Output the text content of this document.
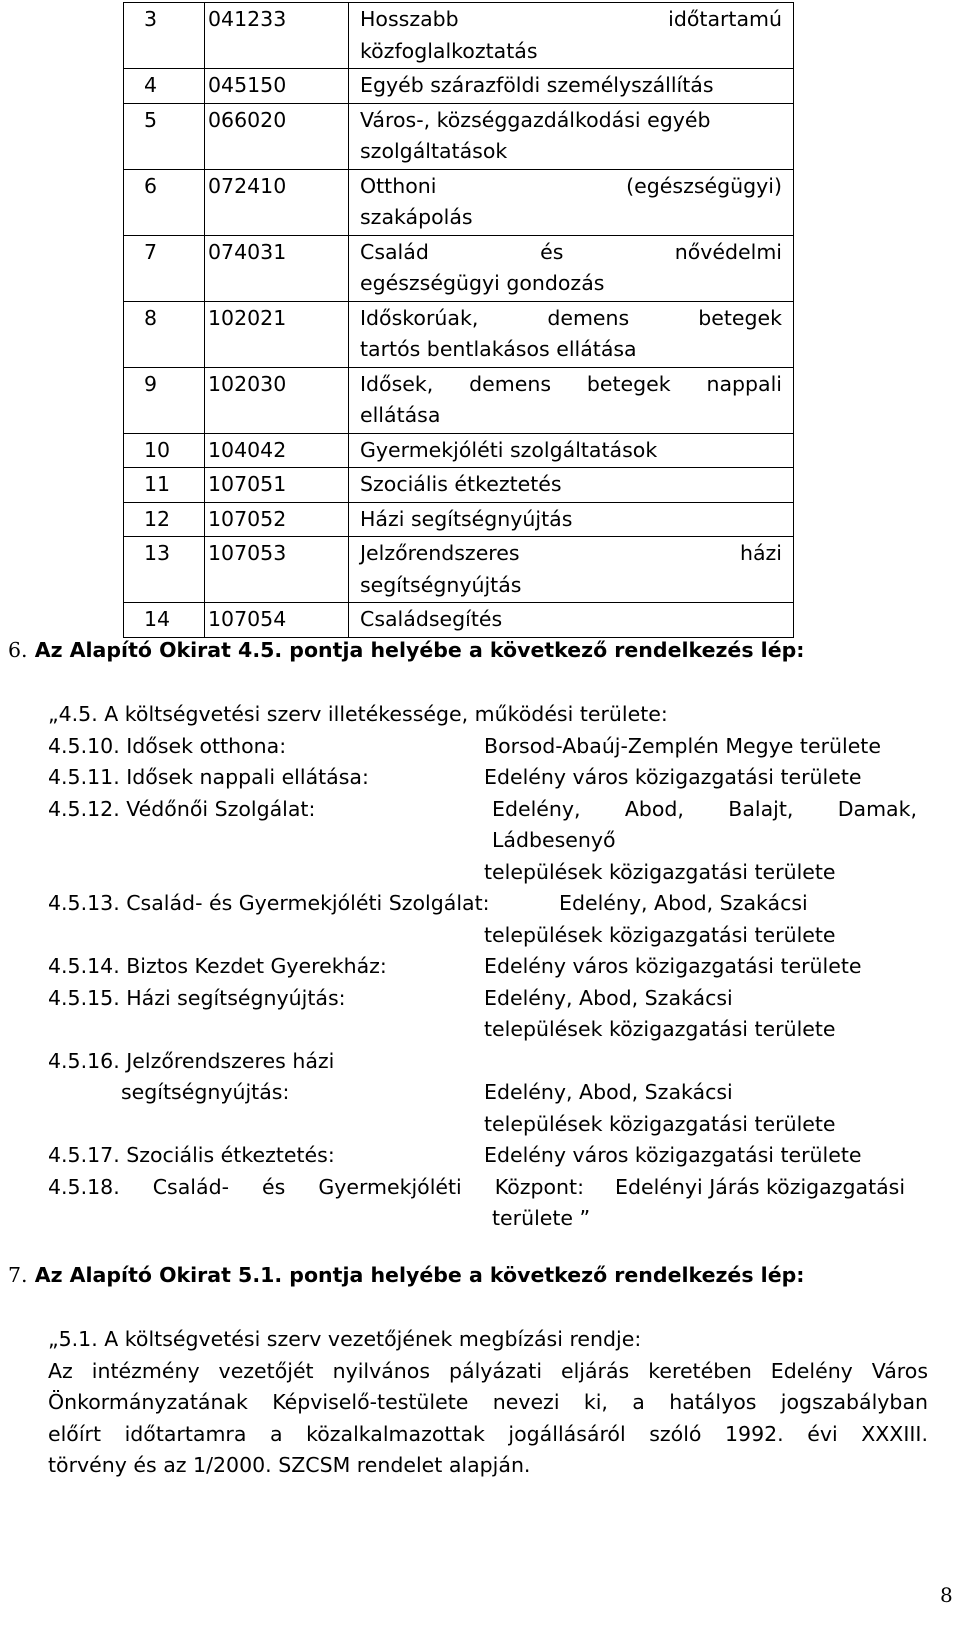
3	041233	Hosszabb időtartamú
közfoglalkoztatás

4	045150	Egyéb szárazföldi személyszállítás

5	066020	Város-, községgazdálkodási egyéb
szolgáltatások

6	072410	Otthoni (egészségügyi)
szakápolás

7	074031	Család és nővédelmi
egészségügyi gondozás

8	102021	Időskorúak, demens betegek
tartós bentlakásos ellátása

9	102030	Idősek, demens betegek nappali
ellátása

10	104042	Gyermekjóléti szolgáltatások

11	107051	Szociális étkeztetés

12	107052	Házi segítségnyújtás

13	107053	Jelzőrendszeres házi
segítségnyújtás

14	107054	Családsegítés
6. Az Alapító Okirat 4.5. pontja helyébe a következő rendelkezés lép:
„4.5. A költségvetési szerv illetékessége, működési területe:
4.5.10. Idősek otthona:	Borsod-Abaúj-Zemplén Megye területe
4.5.11. Idősek nappali ellátása:	Edelény város közigazgatási területe
4.5.12. Védőnői Szolgálat:	Edelény, Abod, Balajt, Damak,
Ládbesenyő
települések közigazgatási területe
4.5.13. Család- és Gyermekjóléti Szolgálat:	Edelény, Abod, Szakácsi
települések közigazgatási területe
4.5.14. Biztos Kezdet Gyerekház:	Edelény város közigazgatási területe
4.5.15. Házi segítségnyújtás:	Edelény, Abod, Szakácsi
települések közigazgatási területe
4.5.16. Jelzőrendszeres házi
segítségnyújtás:	Edelény, Abod, Szakácsi
települések közigazgatási területe
4.5.17. Szociális étkeztetés:	Edelény város közigazgatási területe
4.5.18. Család- és Gyermekjóléti Központ: Edelényi Járás közigazgatási
területe ”
7. Az Alapító Okirat 5.1. pontja helyébe a következő rendelkezés lép:
„5.1. A költségvetési szerv vezetőjének megbízási rendje:
Az intézmény vezetőjét nyilvános pályázati eljárás keretében Edelény Város
Önkormányzatának Képviselő-testülete nevezi ki, a hatályos jogszabályban
előírt időtartamra a közalkalmazottak jogállásáról szóló 1992. évi XXXIII.
törvény és az 1/2000. SZCSM rendelet alapján.
8
